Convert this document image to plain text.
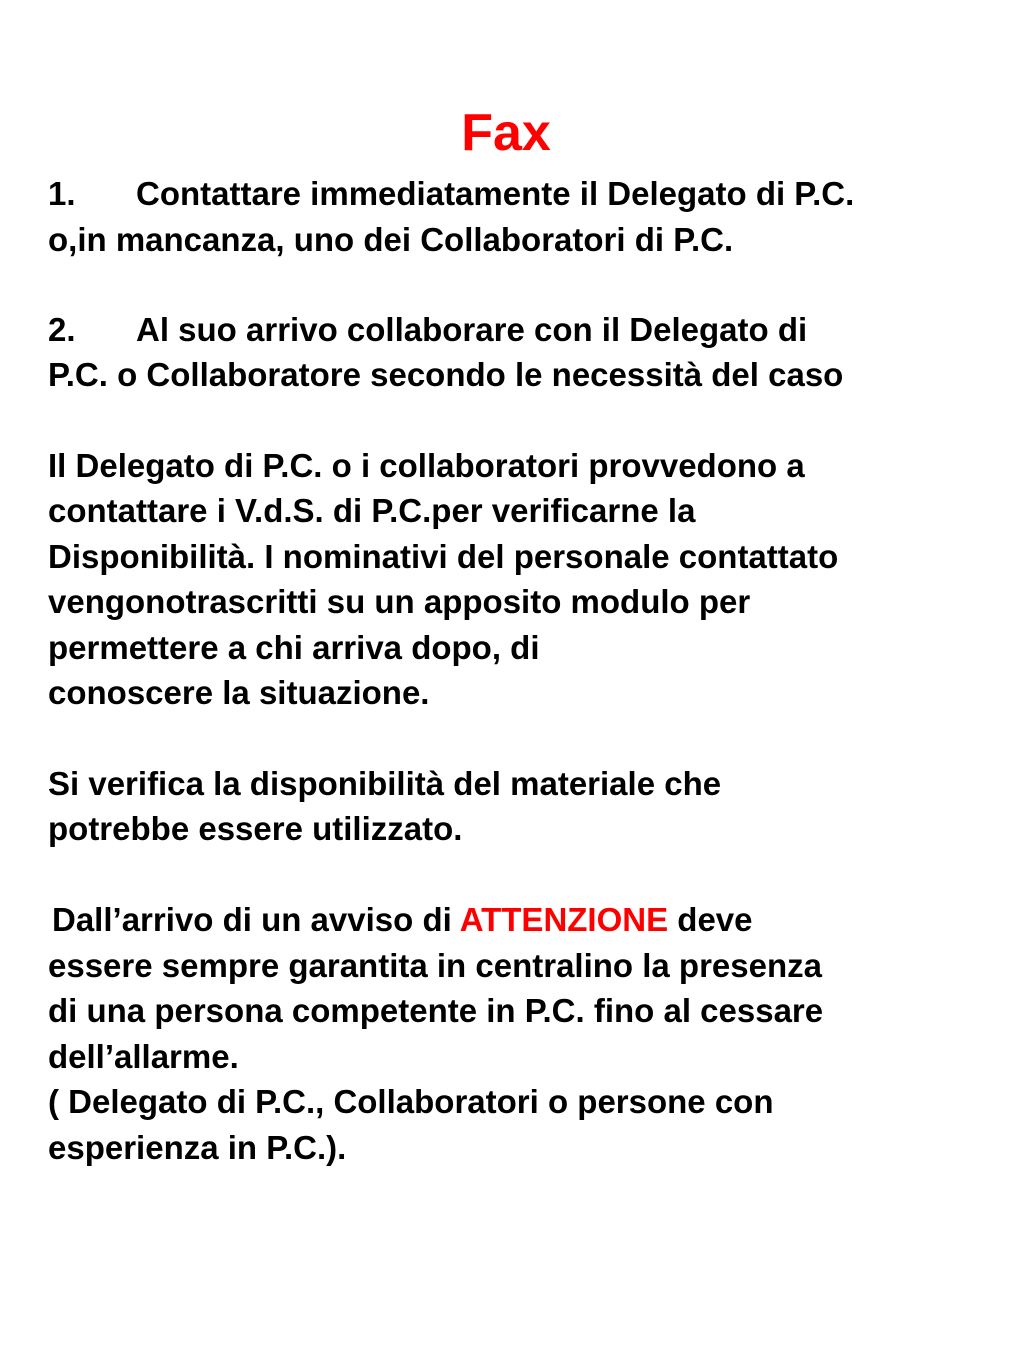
Fax

1. Contattare immediatamente il Delegato di P.C.

o,in mancanza, uno dei Collaboratori di P.C.

2. Al suo arrivo collaborare con il Delegato di

P.C. o Collaboratore secondo le necessità del caso

Il Delegato di P.C. o i collaboratori provvedono a

contattare i V.d.S. di P.C.per verificarne la

Disponibilità. I nominativi del personale contattato

vengonotrascritti su un apposito modulo per

permettere a chi arriva dopo, di

conoscere la situazione.

Si verifica la disponibilità del materiale che

potrebbe essere utilizzato.

Dall’arrivo di un avviso di ATTENZIONE deve

essere sempre garantita in centralino la presenza

di una persona competente in P.C. fino al cessare

dell’allarme.

( Delegato di P.C., Collaboratori o persone con

esperienza in P.C.).
